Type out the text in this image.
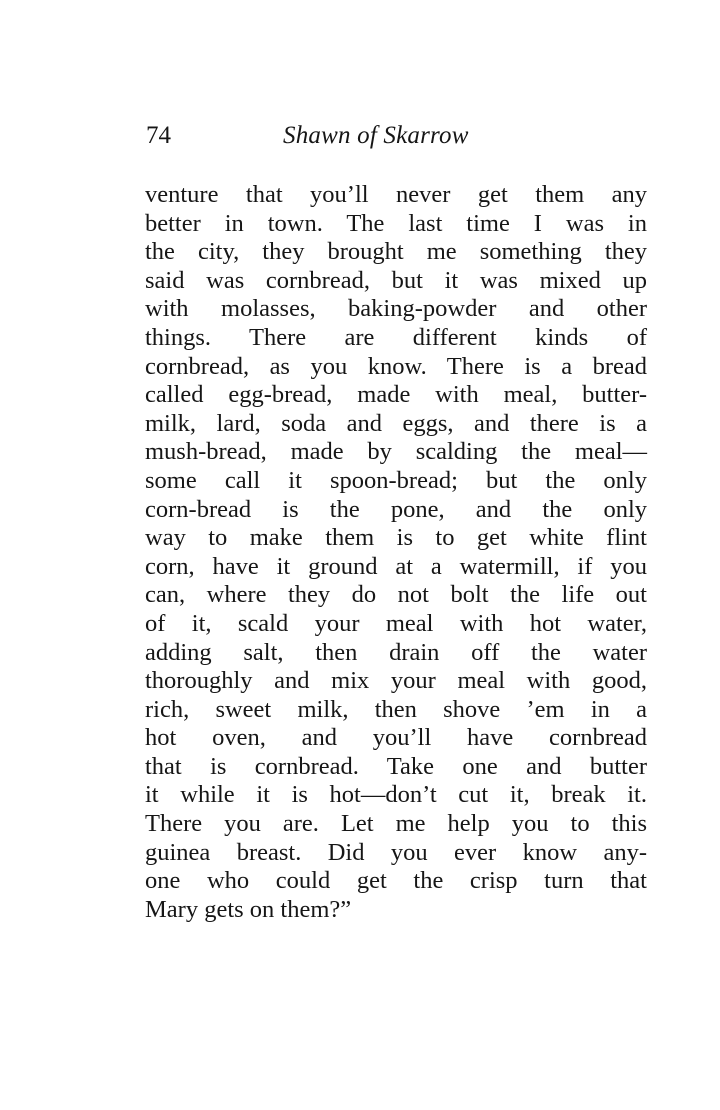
74	Shawn of Skarrow
venture that you’ll never get them any
better in town. The last time I was in
the city, they brought me something they
said was cornbread, but it was mixed up
with molasses, baking-powder and other
things. There are different kinds of
cornbread, as you know. There is a bread
called egg-bread, made with meal, butter-
milk, lard, soda and eggs, and there is a
mush-bread, made by scalding the meal—
some call it spoon-bread; but the only
corn-bread is the pone, and the only
way to make them is to get white flint
corn, have it ground at a watermill, if you
can, where they do not bolt the life out
of it, scald your meal with hot water,
adding salt, then drain off the water
thoroughly and mix your meal with good,
rich, sweet milk, then shove ’em in a
hot oven, and you’ll have cornbread
that is cornbread. Take one and butter
it while it is hot—don’t cut it, break it.
There you are. Let me help you to this
guinea breast. Did you ever know any-
one who could get the crisp turn that
Mary gets on them?”
